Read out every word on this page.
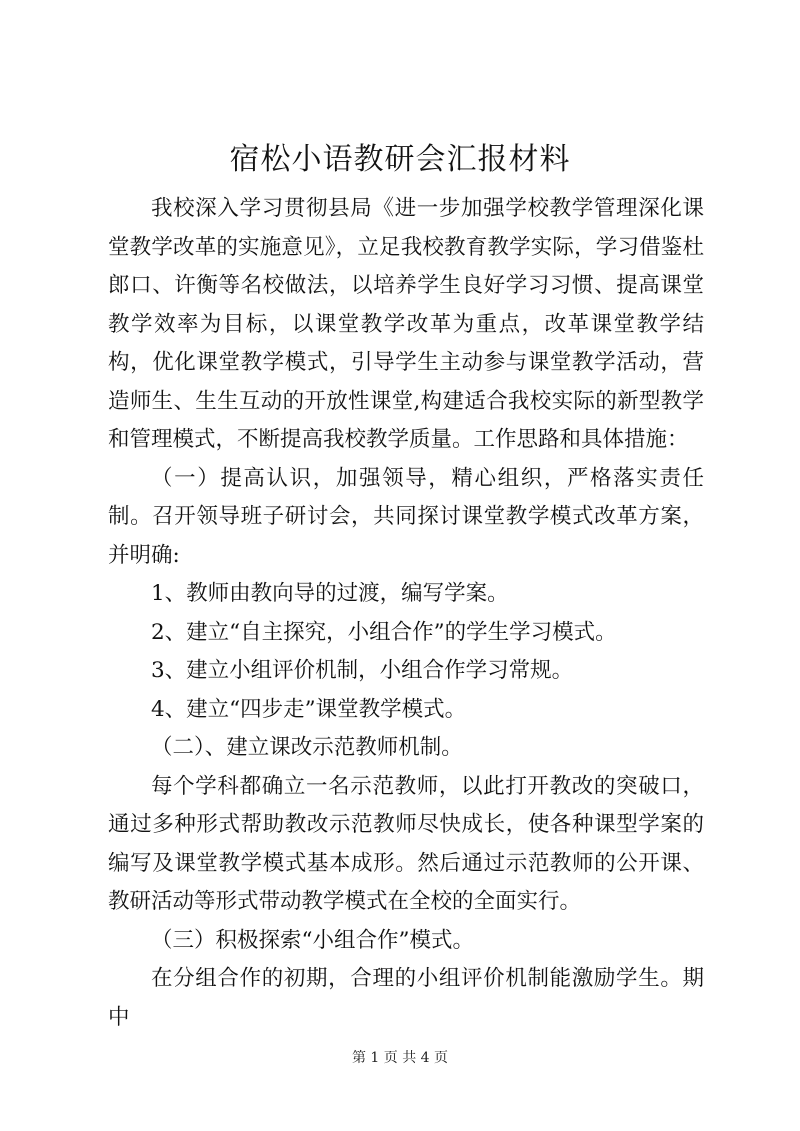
宿松小语教研会汇报材料

我校深入学习贯彻县局《进一步加强学校教学管理深化课堂教学改革的实施意见》，立足我校教育教学实际，学习借鉴杜郎口、许衡等名校做法，以培养学生良好学习习惯、提高课堂教学效率为目标，以课堂教学改革为重点，改革课堂教学结构，优化课堂教学模式，引导学生主动参与课堂教学活动，营造师生、生生互动的开放性课堂,构建适合我校实际的新型教学和管理模式，不断提高我校教学质量。工作思路和具体措施：

（一）提高认识，加强领导，精心组织，严格落实责任制。召开领导班子研讨会，共同探讨课堂教学模式改革方案，并明确:

1、教师由教向导的过渡，编写学案。

2、建立“自主探究，小组合作”的学生学习模式。

3、建立小组评价机制，小组合作学习常规。

4、建立“四步走”课堂教学模式。

（二）、建立课改示范教师机制。

每个学科都确立一名示范教师，以此打开教改的突破口，通过多种形式帮助教改示范教师尽快成长，使各种课型学案的编写及课堂教学模式基本成形。然后通过示范教师的公开课、教研活动等形式带动教学模式在全校的全面实行。

（三）积极探索“小组合作”模式。

在分组合作的初期，合理的小组评价机制能激励学生。期中

第 1 页 共 4 页
